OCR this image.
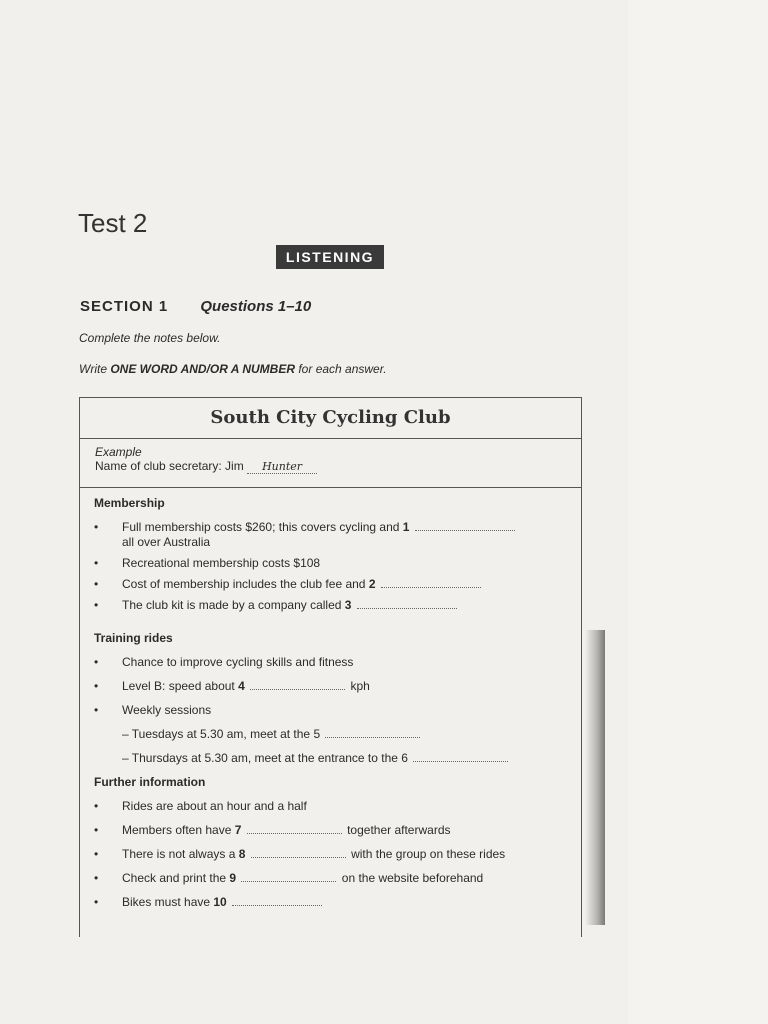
Test 2
LISTENING
SECTION 1 Questions 1–10
Complete the notes below.
Write ONE WORD AND/OR A NUMBER for each answer.
South City Cycling Club
Example
Name of club secretary: Jim Hunter
Membership
• Full membership costs $260; this covers cycling and 1
all over Australia
• Recreational membership costs $108
• Cost of membership includes the club fee and 2
• The club kit is made by a company called 3
Training rides
• Chance to improve cycling skills and fitness
• Level B: speed about 4	kph
• Weekly sessions
– Tuesdays at 5.30 am, meet at the 5
– Thursdays at 5.30 am, meet at the entrance to the 6
Further information
• Rides are about an hour and a half
• Members often have 7	together afterwards
• There is not always a 8	with the group on these rides
• Check and print the 9	on the website beforehand
• Bikes must have 10
